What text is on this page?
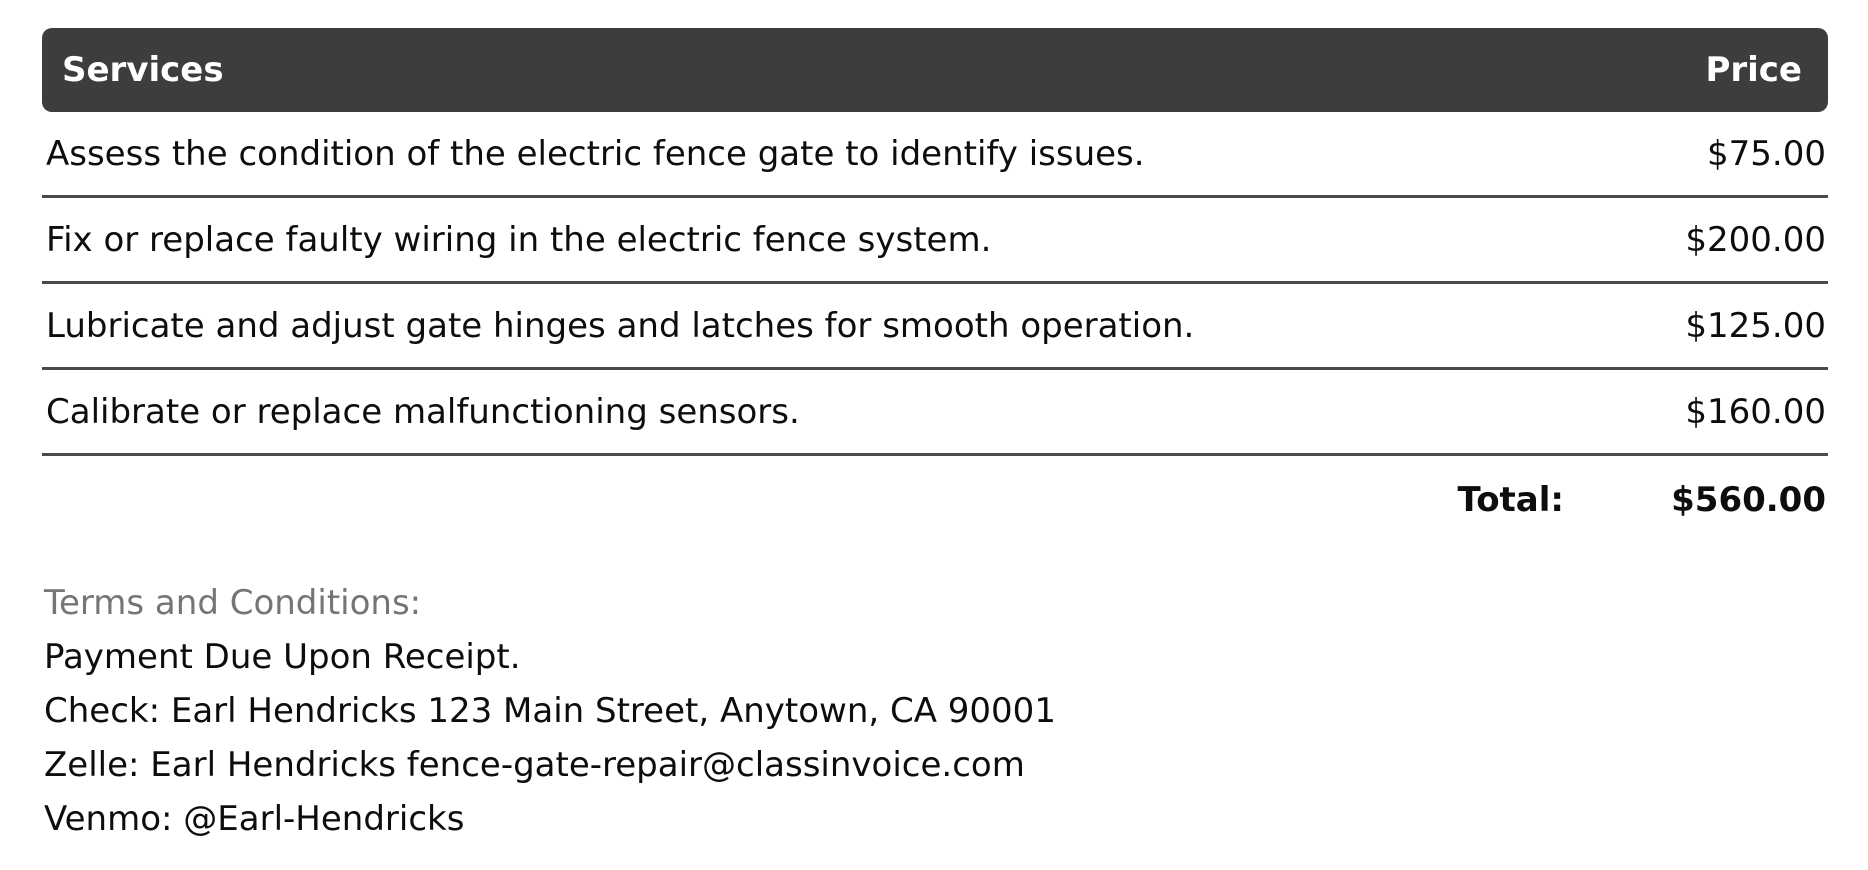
Services	Price
Assess the condition of the electric fence gate to identify issues.	$75.00
Fix or replace faulty wiring in the electric fence system.	$200.00
Lubricate and adjust gate hinges and latches for smooth operation.	$125.00
Calibrate or replace malfunctioning sensors.	$160.00
Total:	$560.00
Terms and Conditions:
Payment Due Upon Receipt.
Check: Earl Hendricks 123 Main Street, Anytown, CA 90001
Zelle: Earl Hendricks fence-gate-repair@classinvoice.com
Venmo: @Earl-Hendricks
